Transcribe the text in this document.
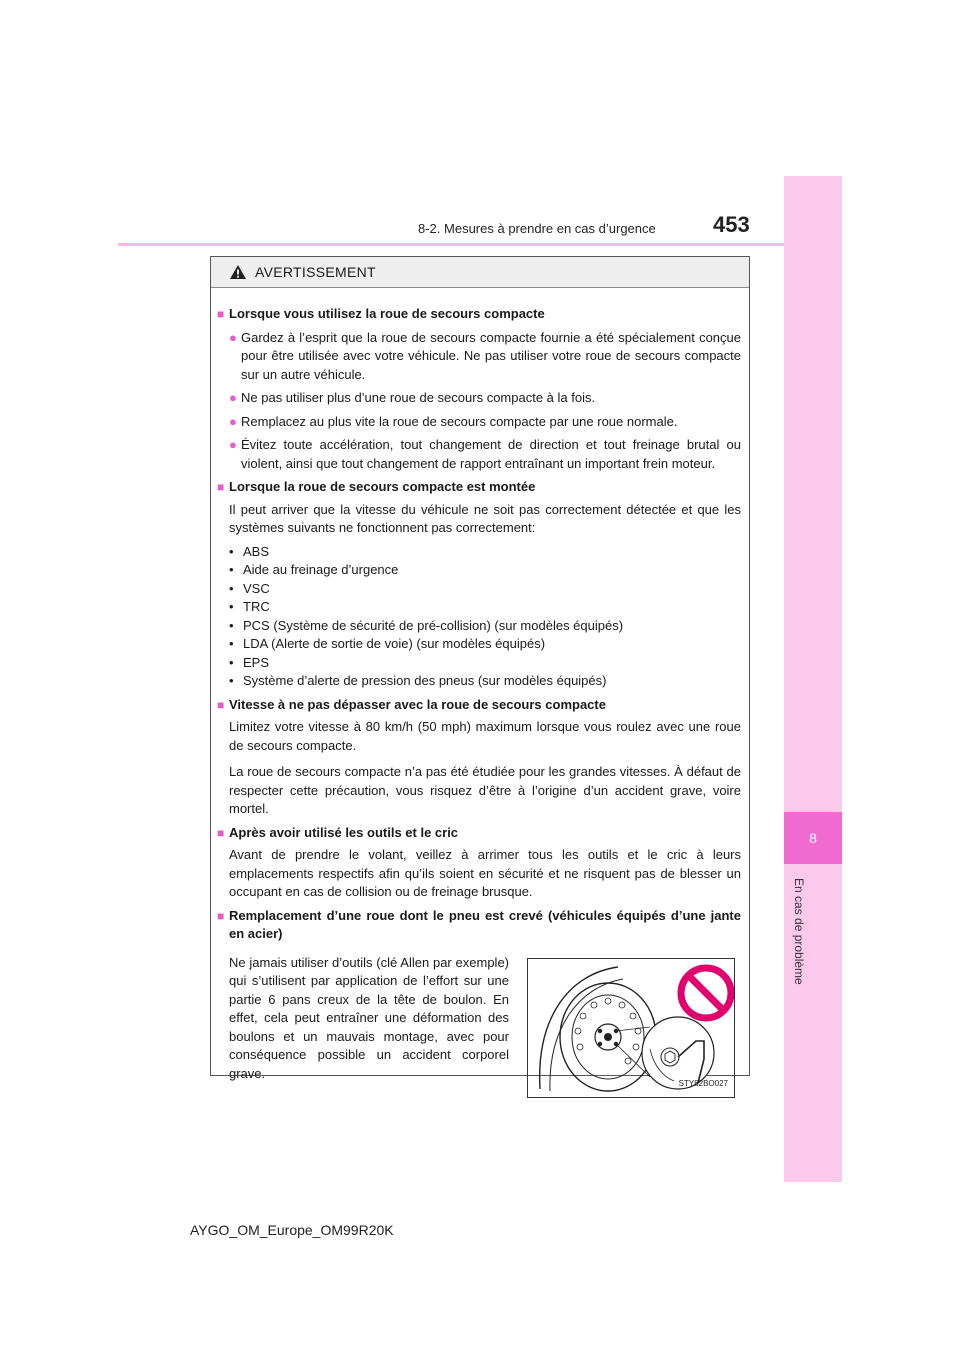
8
En cas de problème
8-2. Mesures à prendre en cas d’urgence	453
AVERTISSEMENT
■ Lorsque vous utilisez la roue de secours compacte
● Gardez à l’esprit que la roue de secours compacte fournie a été spécialement conçue pour être utilisée avec votre véhicule. Ne pas utiliser votre roue de secours compacte sur un autre véhicule.
● Ne pas utiliser plus d’une roue de secours compacte à la fois.
● Remplacez au plus vite la roue de secours compacte par une roue normale.
● Évitez toute accélération, tout changement de direction et tout freinage brutal ou violent, ainsi que tout changement de rapport entraînant un important frein moteur.
■ Lorsque la roue de secours compacte est montée
Il peut arriver que la vitesse du véhicule ne soit pas correctement détectée et que les systèmes suivants ne fonctionnent pas correctement:
• ABS
• Aide au freinage d’urgence
• VSC
• TRC
• PCS (Système de sécurité de pré-collision) (sur modèles équipés)
• LDA (Alerte de sortie de voie) (sur modèles équipés)
• EPS
• Système d’alerte de pression des pneus (sur modèles équipés)
■ Vitesse à ne pas dépasser avec la roue de secours compacte
Limitez votre vitesse à 80 km/h (50 mph) maximum lorsque vous roulez avec une roue de secours compacte.
La roue de secours compacte n’a pas été étudiée pour les grandes vitesses. À défaut de respecter cette précaution, vous risquez d’être à l’origine d’un accident grave, voire mortel.
■ Après avoir utilisé les outils et le cric
Avant de prendre le volant, veillez à arrimer tous les outils et le cric à leurs emplacements respectifs afin qu’ils soient en sécurité et ne risquent pas de blesser un occupant en cas de collision ou de freinage brusque.
■ Remplacement d’une roue dont le pneu est crevé (véhicules équipés d’une jante en acier)
Ne jamais utiliser d’outils (clé Allen par exemple) qui s’utilisent par application de l’effort sur une partie 6 pans creux de la tête de boulon. En effet, cela peut entraîner une déformation des boulons et un mauvais montage, avec pour conséquence possible un accident corporel grave.
STY82BO027
AYGO_OM_Europe_OM99R20K
